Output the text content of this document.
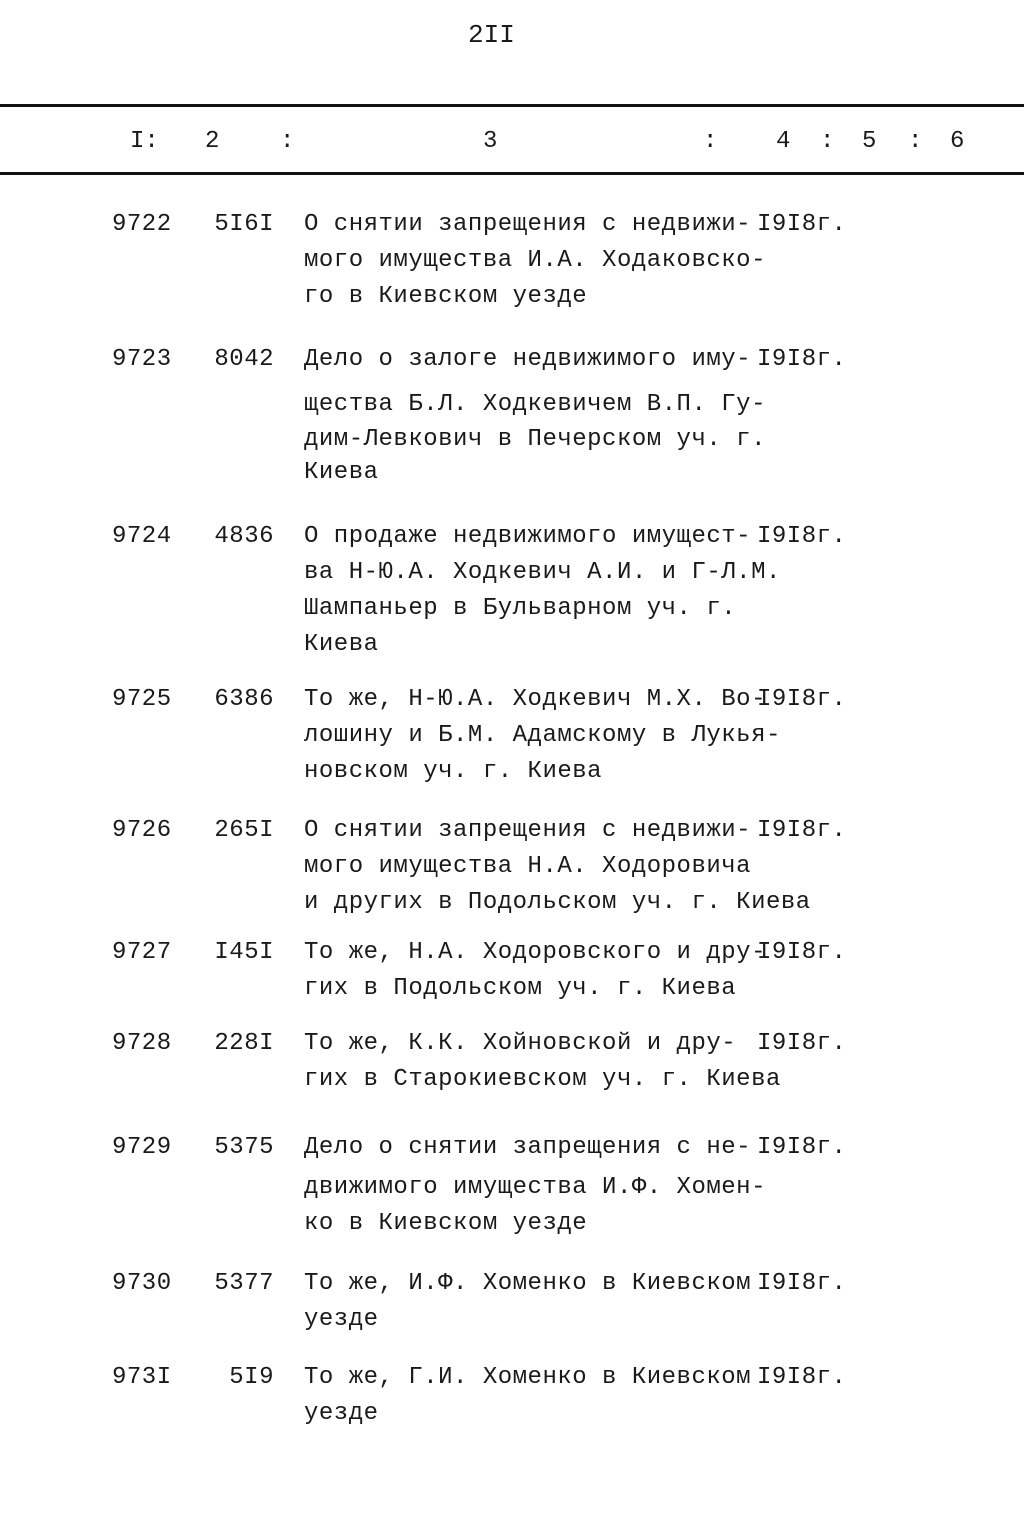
2II
I: 2	:	3	: 4 : 5 : 6
9722 5I6I О снятии запрещения с недвижи-
мого имущества И.А. Ходаковско-
го в Киевском уезде
I9I8г.
9723 8042 Дело о залоге недвижимого иму-
щества Б.Л. Ходкевичем В.П. Гу-
дим-Левкович в Печерском уч. г.
Киева
I9I8г.
9724 4836 О продаже недвижимого имущест-
ва Н-Ю.А. Ходкевич А.И. и Г-Л.М.
Шампаньер в Бульварном уч. г.
Киева
I9I8г.
9725 6386 То же, Н-Ю.А. Ходкевич М.Х. Во-
лошину и Б.М. Адамскому в Лукья-
новском уч. г. Киева
I9I8г.
9726 265I О снятии запрещения с недвижи-
мого имущества Н.А. Ходоровича
и других в Подольском уч. г. Киева
I9I8г.
9727 I45I То же, Н.А. Ходоровского и дру-
гих в Подольском уч. г. Киева
I9I8г.
9728 228I То же, К.К. Хойновской и дру-
гих в Старокиевском уч. г. Киева
I9I8г.
9729 5375 Дело о снятии запрещения с не-
движимого имущества И.Ф. Хомен-
ко в Киевском уезде
I9I8г.
9730 5377 То же, И.Ф. Хоменко в Киевском
уезде
I9I8г.
973I 5I9 То же, Г.И. Хоменко в Киевском
уезде
I9I8г.
